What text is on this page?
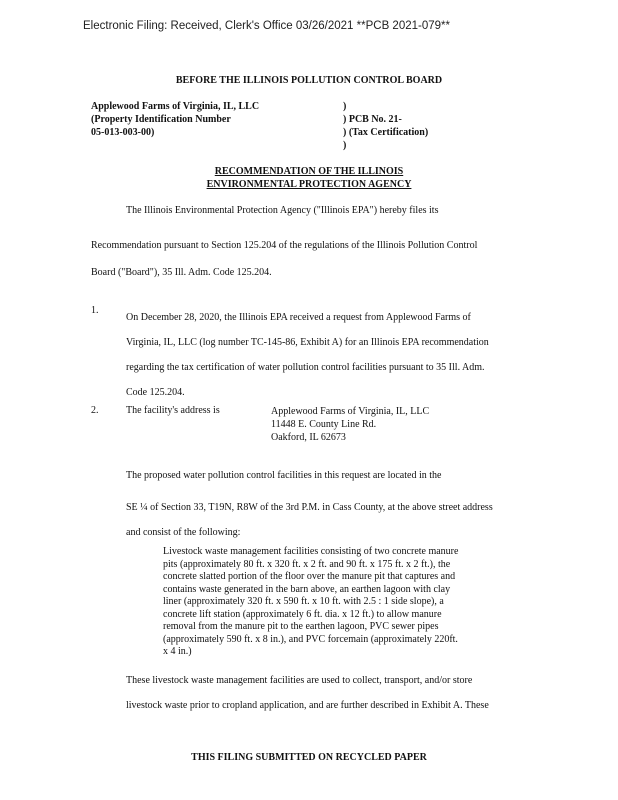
Electronic Filing: Received, Clerk's Office 03/26/2021 **PCB 2021-079**
BEFORE THE ILLINOIS POLLUTION CONTROL BOARD
Applewood Farms of Virginia, IL, LLC
(Property Identification Number
05-013-003-00)
)
) PCB No. 21-
) (Tax Certification)
)
RECOMMENDATION OF THE ILLINOIS
ENVIRONMENTAL PROTECTION AGENCY
The Illinois Environmental Protection Agency ("Illinois EPA") hereby files its
Recommendation pursuant to Section 125.204 of the regulations of the Illinois Pollution Control
Board ("Board"), 35 Ill. Adm. Code 125.204.
1.
On December 28, 2020, the Illinois EPA received a request from Applewood Farms of
Virginia, IL, LLC (log number TC-145-86, Exhibit A) for an Illinois EPA recommendation
regarding the tax certification of water pollution control facilities pursuant to 35 Ill. Adm.
Code 125.204.
2.	The facility's address is	Applewood Farms of Virginia, IL, LLC
11448 E. County Line Rd.
Oakford, IL 62673
The proposed water pollution control facilities in this request are located in the
SE ¼ of Section 33, T19N, R8W of the 3rd P.M. in Cass County, at the above street address
and consist of the following:
Livestock waste management facilities consisting of two concrete manure
pits (approximately 80 ft. x 320 ft. x 2 ft. and 90 ft. x 175 ft. x 2 ft.), the
concrete slatted portion of the floor over the manure pit that captures and
contains waste generated in the barn above, an earthen lagoon with clay
liner (approximately 320 ft. x 590 ft. x 10 ft. with 2.5 : 1 side slope), a
concrete lift station (approximately 6 ft. dia. x 12 ft.) to allow manure
removal from the manure pit to the earthen lagoon, PVC sewer pipes
(approximately 590 ft. x 8 in.), and PVC forcemain (approximately 220ft.
x 4 in.)
These livestock waste management facilities are used to collect, transport, and/or store
livestock waste prior to cropland application, and are further described in Exhibit A. These
THIS FILING SUBMITTED ON RECYCLED PAPER
